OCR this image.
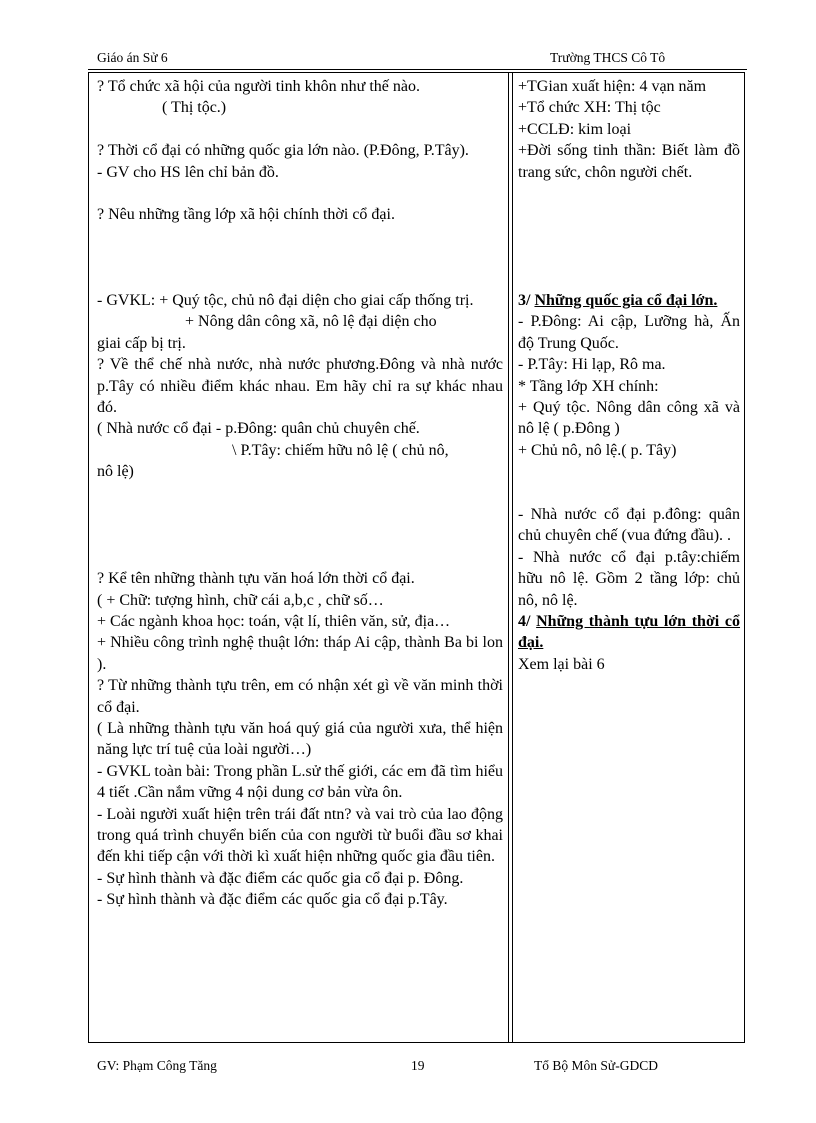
Giáo án Sử 6	Trường THCS Cô Tô

? Tổ chức xã hội của người tinh khôn như thế nào.

( Thị tộc.)

? Thời cổ đại có những quốc gia lớn nào. (P.Đông, P.Tây).

- GV cho HS lên chỉ bản đồ.

? Nêu những tầng lớp xã hội chính thời cổ đại.

- GVKL: + Quý tộc, chủ nô đại diện cho giai cấp thống trị.

+ Nông dân công xã, nô lệ đại diện cho

giai cấp bị trị.

? Về thể chế nhà nước, nhà nước phương.Đông và nhà nước p.Tây có nhiều điểm khác nhau. Em hãy chỉ ra sự khác nhau đó.

( Nhà nước cổ đại - p.Đông: quân chủ chuyên chế.

\ P.Tây: chiếm hữu nô lệ ( chủ nô,

nô lệ)

? Kể tên những thành tựu văn hoá lớn thời cổ đại.

( + Chữ: tượng hình, chữ cái a,b,c , chữ số…

+ Các ngành khoa học: toán, vật lí, thiên văn, sử, địa…

+ Nhiều công trình nghệ thuật lớn: tháp Ai cập, thành Ba bi lon ).

? Từ những thành tựu trên, em có nhận xét gì về văn minh thời cổ đại.

( Là những thành tựu văn hoá quý giá của người xưa, thể hiện năng lực trí tuệ của loài người…)

- GVKL toàn bài: Trong phần L.sử thế giới, các em đã tìm hiểu 4 tiết .Cần nắm vững 4 nội dung cơ bản vừa ôn.

- Loài người xuất hiện trên trái đất ntn? và vai trò của lao động trong quá trình chuyển biến của con người từ buổi đầu sơ khai đến khi tiếp cận với thời kì xuất hiện những quốc gia đầu tiên.

- Sự hình thành và đặc điểm các quốc gia cổ đại p. Đông.

- Sự hình thành và đặc điểm các quốc gia cổ đại p.Tây.

+TGian xuất hiện: 4 vạn năm

+Tổ chức XH: Thị tộc

+CCLĐ: kim loại

+Đời sống tinh thần: Biết làm đồ trang sức, chôn người chết.

3/ Những quốc gia cổ đại lớn.

- P.Đông: Ai cập, Lưỡng hà, Ấn độ Trung Quốc.

- P.Tây: Hi lạp, Rô ma.

* Tầng lớp XH chính:

+ Quý tộc. Nông dân công xã và nô lệ ( p.Đông )

+ Chủ nô, nô lệ.( p. Tây)

- Nhà nước cổ đại p.đông: quân chủ chuyên chế (vua đứng đầu). .

- Nhà nước cổ đại p.tây:chiếm hữu nô lệ. Gồm 2 tầng lớp: chủ nô, nô lệ.

4/ Những thành tựu lớn thời cổ đại.

Xem lại bài 6

GV: Phạm Công Tăng	19	Tổ Bộ Môn Sử-GDCD
